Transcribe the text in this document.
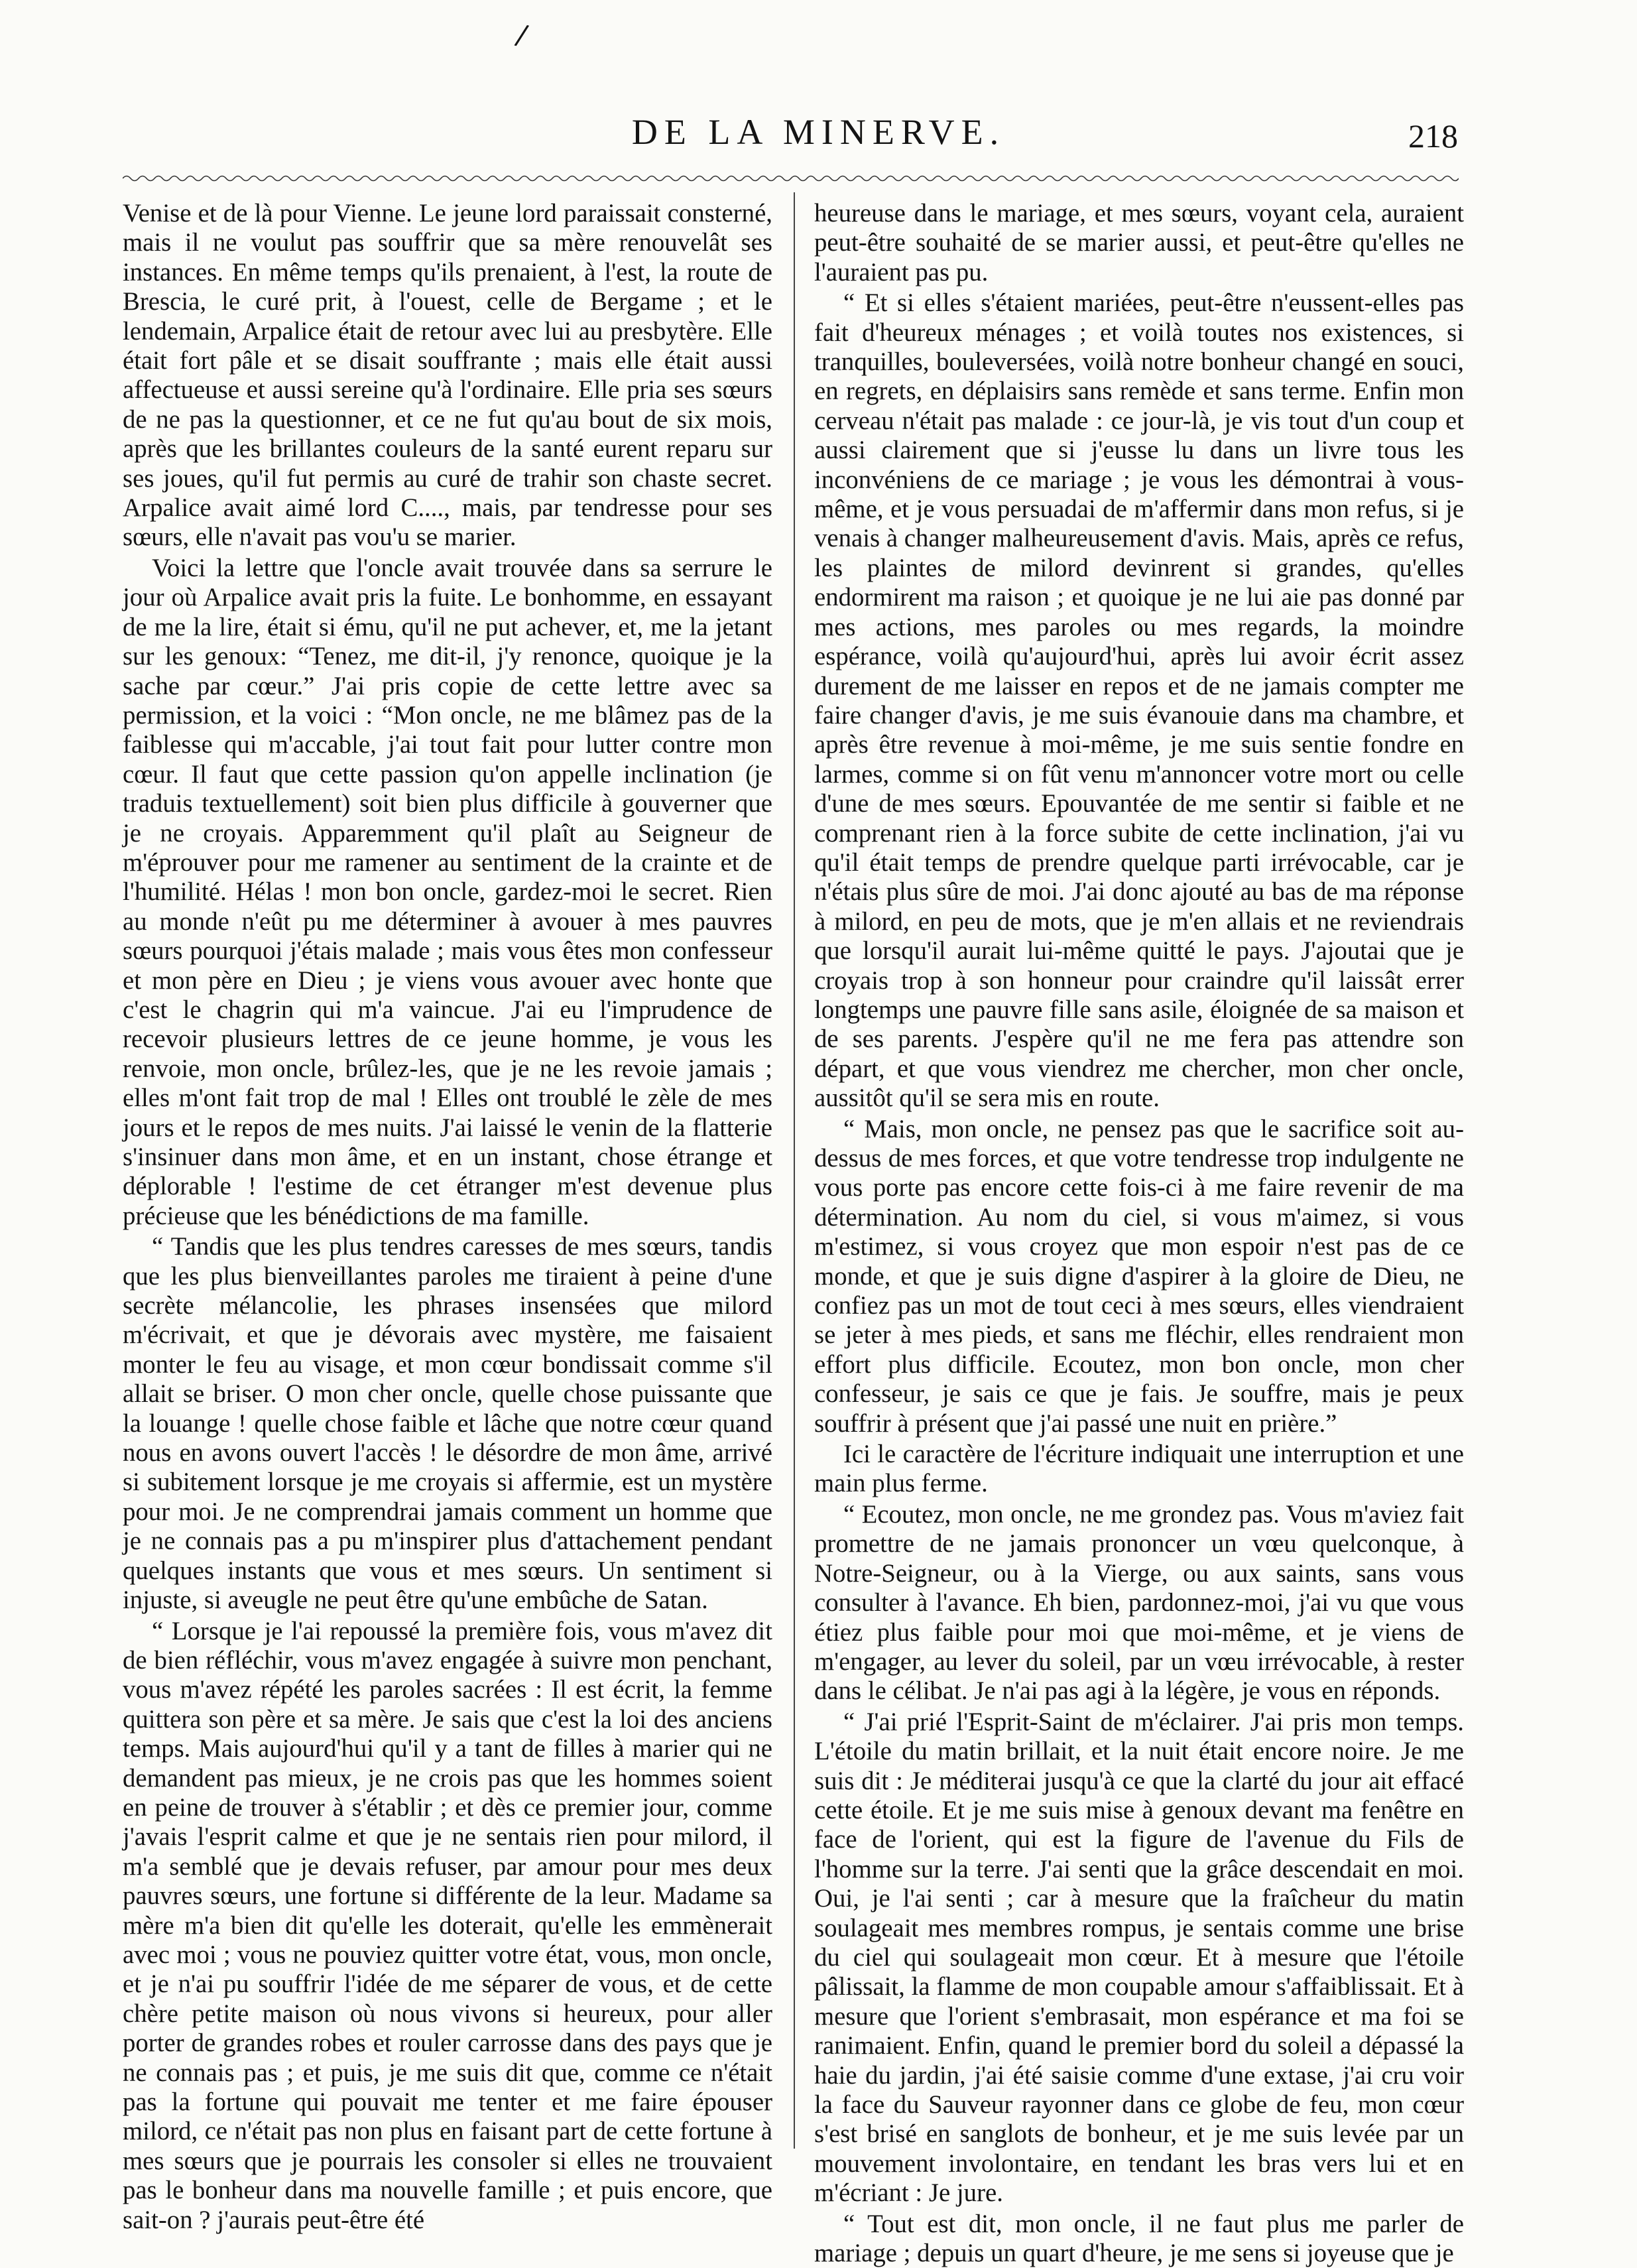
/
DE LA MINERVE.	218

Venise et de là pour Vienne. Le jeune lord paraissait consterné, mais il ne voulut pas souffrir que sa mère renouvelât ses instances. En même temps qu'ils prenaient, à l'est, la route de Brescia, le curé prit, à l'ouest, celle de Bergame ; et le lendemain, Arpalice était de retour avec lui au presbytère. Elle était fort pâle et se disait souffrante ; mais elle était aussi affectueuse et aussi sereine qu'à l'ordinaire. Elle pria ses sœurs de ne pas la questionner, et ce ne fut qu'au bout de six mois, après que les brillantes couleurs de la santé eurent reparu sur ses joues, qu'il fut permis au curé de trahir son chaste secret. Arpalice avait aimé lord C...., mais, par tendresse pour ses sœurs, elle n'avait pas vou'u se marier.

Voici la lettre que l'oncle avait trouvée dans sa serrure le jour où Arpalice avait pris la fuite. Le bonhomme, en essayant de me la lire, était si ému, qu'il ne put achever, et, me la jetant sur les genoux: “Tenez, me dit-il, j'y renonce, quoique je la sache par cœur.” J'ai pris copie de cette lettre avec sa permission, et la voici : “Mon oncle, ne me blâmez pas de la faiblesse qui m'accable, j'ai tout fait pour lutter contre mon cœur. Il faut que cette passion qu'on appelle inclination (je traduis textuellement) soit bien plus difficile à gouverner que je ne croyais. Apparemment qu'il plaît au Seigneur de m'éprouver pour me ramener au sentiment de la crainte et de l'humilité. Hélas ! mon bon oncle, gardez-moi le secret. Rien au monde n'eût pu me déterminer à avouer à mes pauvres sœurs pourquoi j'étais malade ; mais vous êtes mon confesseur et mon père en Dieu ; je viens vous avouer avec honte que c'est le chagrin qui m'a vaincue. J'ai eu l'imprudence de recevoir plusieurs lettres de ce jeune homme, je vous les renvoie, mon oncle, brûlez-les, que je ne les revoie jamais ; elles m'ont fait trop de mal ! Elles ont troublé le zèle de mes jours et le repos de mes nuits. J'ai laissé le venin de la flatterie s'insinuer dans mon âme, et en un instant, chose étrange et déplorable ! l'estime de cet étranger m'est devenue plus précieuse que les bénédictions de ma famille.

“ Tandis que les plus tendres caresses de mes sœurs, tandis que les plus bienveillantes paroles me tiraient à peine d'une secrète mélancolie, les phrases insensées que milord m'écrivait, et que je dévorais avec mystère, me faisaient monter le feu au visage, et mon cœur bondissait comme s'il allait se briser. O mon cher oncle, quelle chose puissante que la louange ! quelle chose faible et lâche que notre cœur quand nous en avons ouvert l'accès ! le désordre de mon âme, arrivé si subitement lorsque je me croyais si affermie, est un mystère pour moi. Je ne comprendrai jamais comment un homme que je ne connais pas a pu m'inspirer plus d'attachement pendant quelques instants que vous et mes sœurs. Un sentiment si injuste, si aveugle ne peut être qu'une embûche de Satan.

“ Lorsque je l'ai repoussé la première fois, vous m'avez dit de bien réfléchir, vous m'avez engagée à suivre mon penchant, vous m'avez répété les paroles sacrées : Il est écrit, la femme quittera son père et sa mère. Je sais que c'est la loi des anciens temps. Mais aujourd'hui qu'il y a tant de filles à marier qui ne demandent pas mieux, je ne crois pas que les hommes soient en peine de trouver à s'établir ; et dès ce premier jour, comme j'avais l'esprit calme et que je ne sentais rien pour milord, il m'a semblé que je devais refuser, par amour pour mes deux pauvres sœurs, une fortune si différente de la leur. Madame sa mère m'a bien dit qu'elle les doterait, qu'elle les emmènerait avec moi ; vous ne pouviez quitter votre état, vous, mon oncle, et je n'ai pu souffrir l'idée de me séparer de vous, et de cette chère petite maison où nous vivons si heureux, pour aller porter de grandes robes et rouler carrosse dans des pays que je ne connais pas ; et puis, je me suis dit que, comme ce n'était pas la fortune qui pouvait me tenter et me faire épouser milord, ce n'était pas non plus en faisant part de cette fortune à mes sœurs que je pourrais les consoler si elles ne trouvaient pas le bonheur dans ma nouvelle famille ; et puis encore, que sait-on ? j'aurais peut-être été

heureuse dans le mariage, et mes sœurs, voyant cela, auraient peut-être souhaité de se marier aussi, et peut-être qu'elles ne l'auraient pas pu.

“ Et si elles s'étaient mariées, peut-être n'eussent-elles pas fait d'heureux ménages ; et voilà toutes nos existences, si tranquilles, bouleversées, voilà notre bonheur changé en souci, en regrets, en déplaisirs sans remède et sans terme. Enfin mon cerveau n'était pas malade : ce jour-là, je vis tout d'un coup et aussi clairement que si j'eusse lu dans un livre tous les inconvéniens de ce mariage ; je vous les démontrai à vous-même, et je vous persuadai de m'affermir dans mon refus, si je venais à changer malheureusement d'avis. Mais, après ce refus, les plaintes de milord devinrent si grandes, qu'elles endormirent ma raison ; et quoique je ne lui aie pas donné par mes actions, mes paroles ou mes regards, la moindre espérance, voilà qu'aujourd'hui, après lui avoir écrit assez durement de me laisser en repos et de ne jamais compter me faire changer d'avis, je me suis évanouie dans ma chambre, et après être revenue à moi-même, je me suis sentie fondre en larmes, comme si on fût venu m'annoncer votre mort ou celle d'une de mes sœurs. Epouvantée de me sentir si faible et ne comprenant rien à la force subite de cette inclination, j'ai vu qu'il était temps de prendre quelque parti irrévocable, car je n'étais plus sûre de moi. J'ai donc ajouté au bas de ma réponse à milord, en peu de mots, que je m'en allais et ne reviendrais que lorsqu'il aurait lui-même quitté le pays. J'ajoutai que je croyais trop à son honneur pour craindre qu'il laissât errer longtemps une pauvre fille sans asile, éloignée de sa maison et de ses parents. J'espère qu'il ne me fera pas attendre son départ, et que vous viendrez me chercher, mon cher oncle, aussitôt qu'il se sera mis en route.

“ Mais, mon oncle, ne pensez pas que le sacrifice soit au-dessus de mes forces, et que votre tendresse trop indulgente ne vous porte pas encore cette fois-ci à me faire revenir de ma détermination. Au nom du ciel, si vous m'aimez, si vous m'estimez, si vous croyez que mon espoir n'est pas de ce monde, et que je suis digne d'aspirer à la gloire de Dieu, ne confiez pas un mot de tout ceci à mes sœurs, elles viendraient se jeter à mes pieds, et sans me fléchir, elles rendraient mon effort plus difficile. Ecoutez, mon bon oncle, mon cher confesseur, je sais ce que je fais. Je souffre, mais je peux souffrir à présent que j'ai passé une nuit en prière.”

Ici le caractère de l'écriture indiquait une interruption et une main plus ferme.

“ Ecoutez, mon oncle, ne me grondez pas. Vous m'aviez fait promettre de ne jamais prononcer un vœu quelconque, à Notre-Seigneur, ou à la Vierge, ou aux saints, sans vous consulter à l'avance. Eh bien, pardonnez-moi, j'ai vu que vous étiez plus faible pour moi que moi-même, et je viens de m'engager, au lever du soleil, par un vœu irrévocable, à rester dans le célibat. Je n'ai pas agi à la légère, je vous en réponds.

“ J'ai prié l'Esprit-Saint de m'éclairer. J'ai pris mon temps. L'étoile du matin brillait, et la nuit était encore noire. Je me suis dit : Je méditerai jusqu'à ce que la clarté du jour ait effacé cette étoile. Et je me suis mise à genoux devant ma fenêtre en face de l'orient, qui est la figure de l'avenue du Fils de l'homme sur la terre. J'ai senti que la grâce descendait en moi. Oui, je l'ai senti ; car à mesure que la fraîcheur du matin soulageait mes membres rompus, je sentais comme une brise du ciel qui soulageait mon cœur. Et à mesure que l'étoile pâlissait, la flamme de mon coupable amour s'affaiblissait. Et à mesure que l'orient s'embrasait, mon espérance et ma foi se ranimaient. Enfin, quand le premier bord du soleil a dépassé la haie du jardin, j'ai été saisie comme d'une extase, j'ai cru voir la face du Sauveur rayonner dans ce globe de feu, mon cœur s'est brisé en sanglots de bonheur, et je me suis levée par un mouvement involontaire, en tendant les bras vers lui et en m'écriant : Je jure.

“ Tout est dit, mon oncle, il ne faut plus me parler de mariage ; depuis un quart d'heure, je me sens si joyeuse que je
